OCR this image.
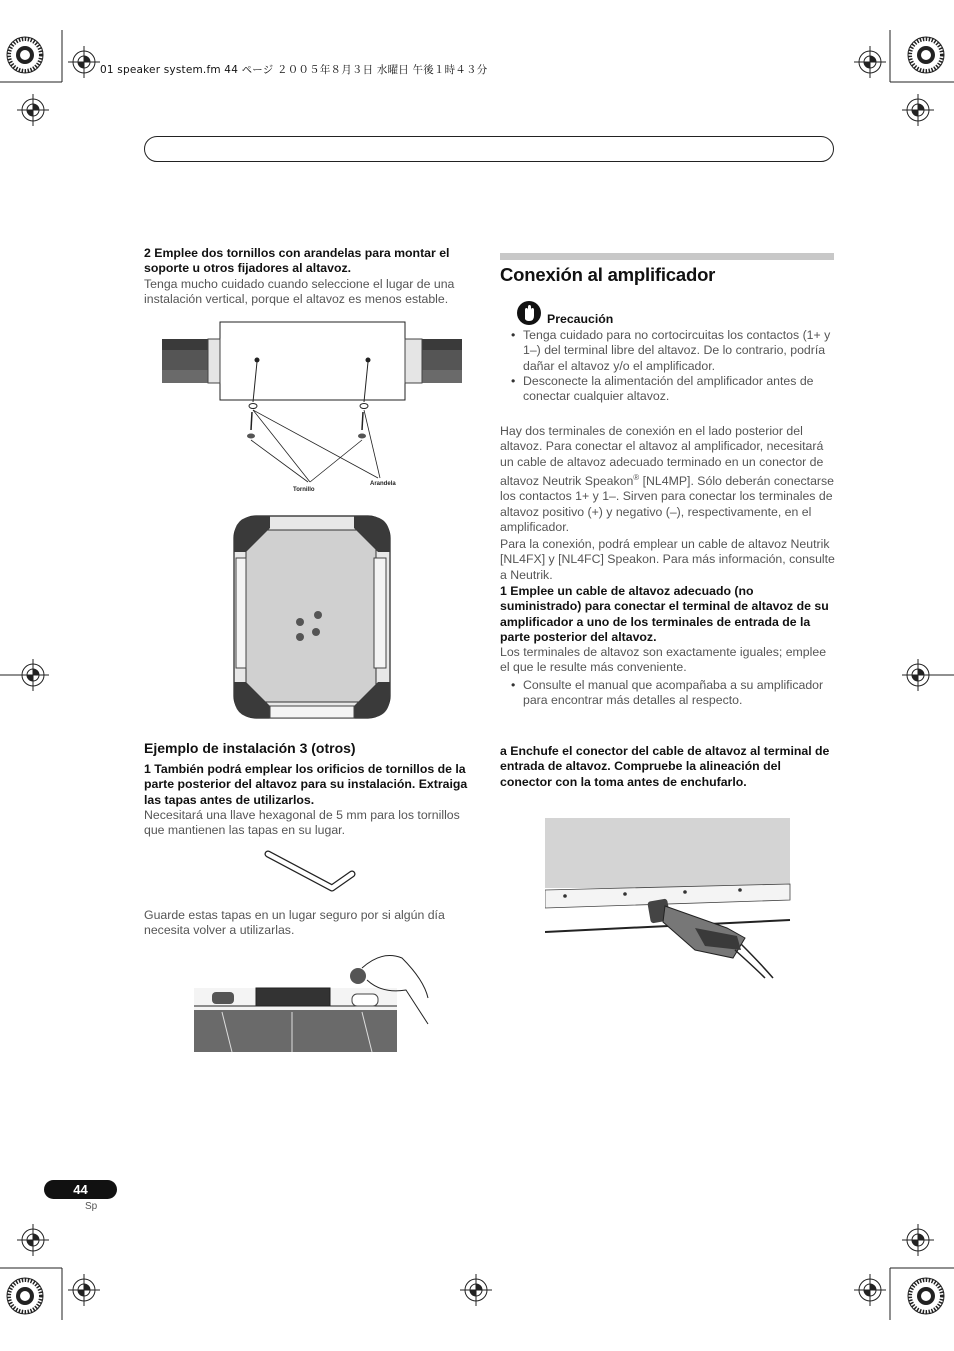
01 speaker system.fm 44 ページ ２００５年８月３日 水曜日 午後１時４３分

2 Emplee dos tornillos con arandelas para montar el soporte u otros fijadores al altavoz.

Tenga mucho cuidado cuando seleccione el lugar de una instalación vertical, porque el altavoz es menos estable.

Tornillo
Arandela
Ejemplo de instalación 3 (otros)

1 También podrá emplear los orificios de tornillos de la parte posterior del altavoz para su instalación. Extraiga las tapas antes de utilizarlos.

Necesitará una llave hexagonal de 5 mm para los tornillos que mantienen las tapas en su lugar.

Guarde estas tapas en un lugar seguro por si algún día necesita volver a utilizarlas.
Conexión al amplificador
Precaución
• Tenga cuidado para no cortocircuitas los contactos (1+ y 1–) del terminal libre del altavoz. De lo contrario, podría dañar el altavoz y/o el amplificador.
• Desconecte la alimentación del amplificador antes de conectar cualquier altavoz.

Hay dos terminales de conexión en el lado posterior del altavoz. Para conectar el altavoz al amplificador, necesitará un cable de altavoz adecuado terminado en un conector de altavoz Neutrik Speakon® [NL4MP]. Sólo deberán conectarse los contactos 1+ y 1–. Sirven para conectar los terminales de altavoz positivo (+) y negativo (–), respectivamente, en el amplificador.

Para la conexión, podrá emplear un cable de altavoz Neutrik [NL4FX] y [NL4FC] Speakon. Para más información, consulte a Neutrik.

1 Emplee un cable de altavoz adecuado (no suministrado) para conectar el terminal de altavoz de su amplificador a uno de los terminales de entrada de la parte posterior del altavoz.

Los terminales de altavoz son exactamente iguales; emplee el que le resulte más conveniente.

• Consulte el manual que acompañaba a su amplificador para encontrar más detalles al respecto.
a Enchufe el conector del cable de altavoz al terminal de entrada de altavoz. Compruebe la alineación del conector con la toma antes de enchufarlo.
44
Sp
